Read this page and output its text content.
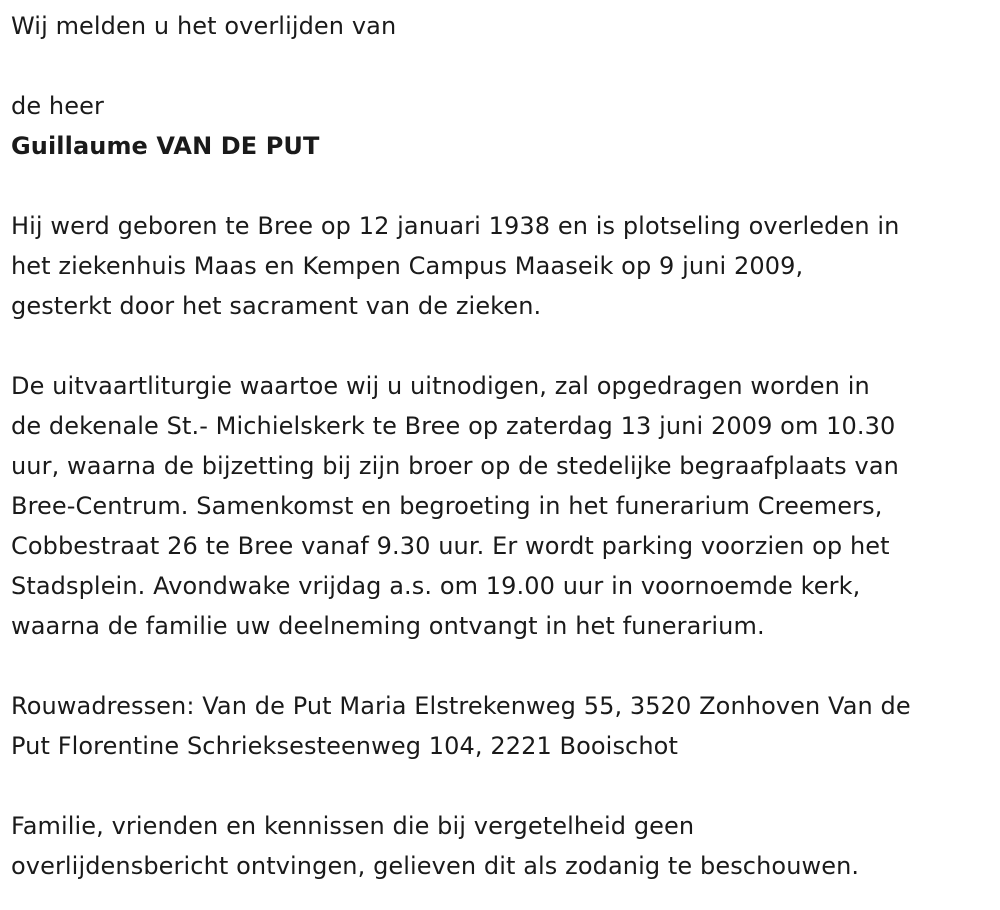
Wij melden u het overlijden van

de heer

Guillaume VAN DE PUT

Hij werd geboren te Bree op 12 januari 1938 en is plotseling overleden in

het ziekenhuis Maas en Kempen Campus Maaseik op 9 juni 2009,

gesterkt door het sacrament van de zieken.

De uitvaartliturgie waartoe wij u uitnodigen, zal opgedragen worden in

de dekenale St.- Michielskerk te Bree op zaterdag 13 juni 2009 om 10.30

uur, waarna de bijzetting bij zijn broer op de stedelijke begraafplaats van

Bree-Centrum. Samenkomst en begroeting in het funerarium Creemers,

Cobbestraat 26 te Bree vanaf 9.30 uur. Er wordt parking voorzien op het

Stadsplein. Avondwake vrijdag a.s. om 19.00 uur in voornoemde kerk,

waarna de familie uw deelneming ontvangt in het funerarium.

Rouwadressen: Van de Put Maria Elstrekenweg 55, 3520 Zonhoven Van de

Put Florentine Schrieksesteenweg 104, 2221 Booischot

Familie, vrienden en kennissen die bij vergetelheid geen

overlijdensbericht ontvingen, gelieven dit als zodanig te beschouwen.
